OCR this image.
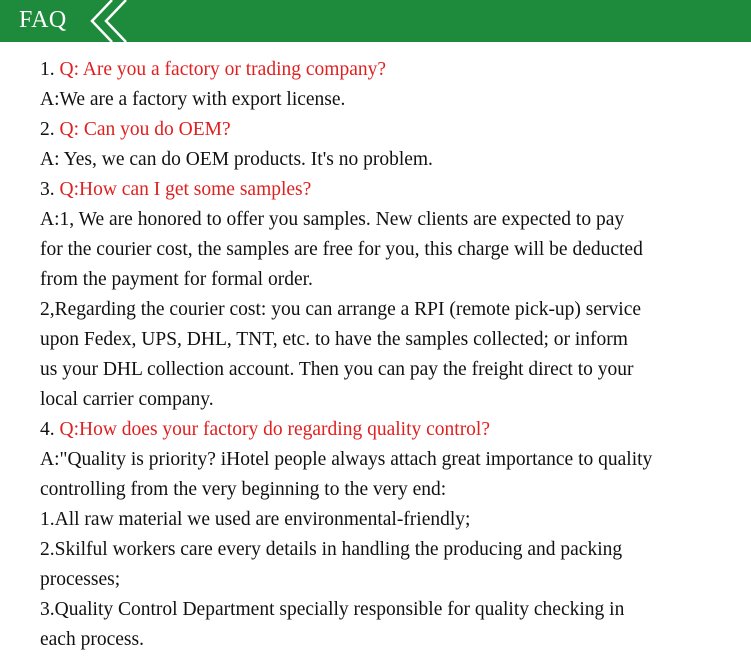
FAQ
1. Q: Are you a factory or trading company?
A:We are a factory with export license.
2. Q: Can you do OEM?
A: Yes, we can do OEM products. It's no problem.
3. Q:How can I get some samples?
A:1, We are honored to offer you samples. New clients are expected to pay
for the courier cost, the samples are free for you, this charge will be deducted
from the payment for formal order.
2,Regarding the courier cost: you can arrange a RPI (remote pick-up) service
upon Fedex, UPS, DHL, TNT, etc. to have the samples collected; or inform
us your DHL collection account. Then you can pay the freight direct to your
local carrier company.
4. Q:How does your factory do regarding quality control?
A:"Quality is priority? iHotel people always attach great importance to quality
controlling from the very beginning to the very end:
1.All raw material we used are environmental-friendly;
2.Skilful workers care every details in handling the producing and packing
processes;
3.Quality Control Department specially responsible for quality checking in
each process.
